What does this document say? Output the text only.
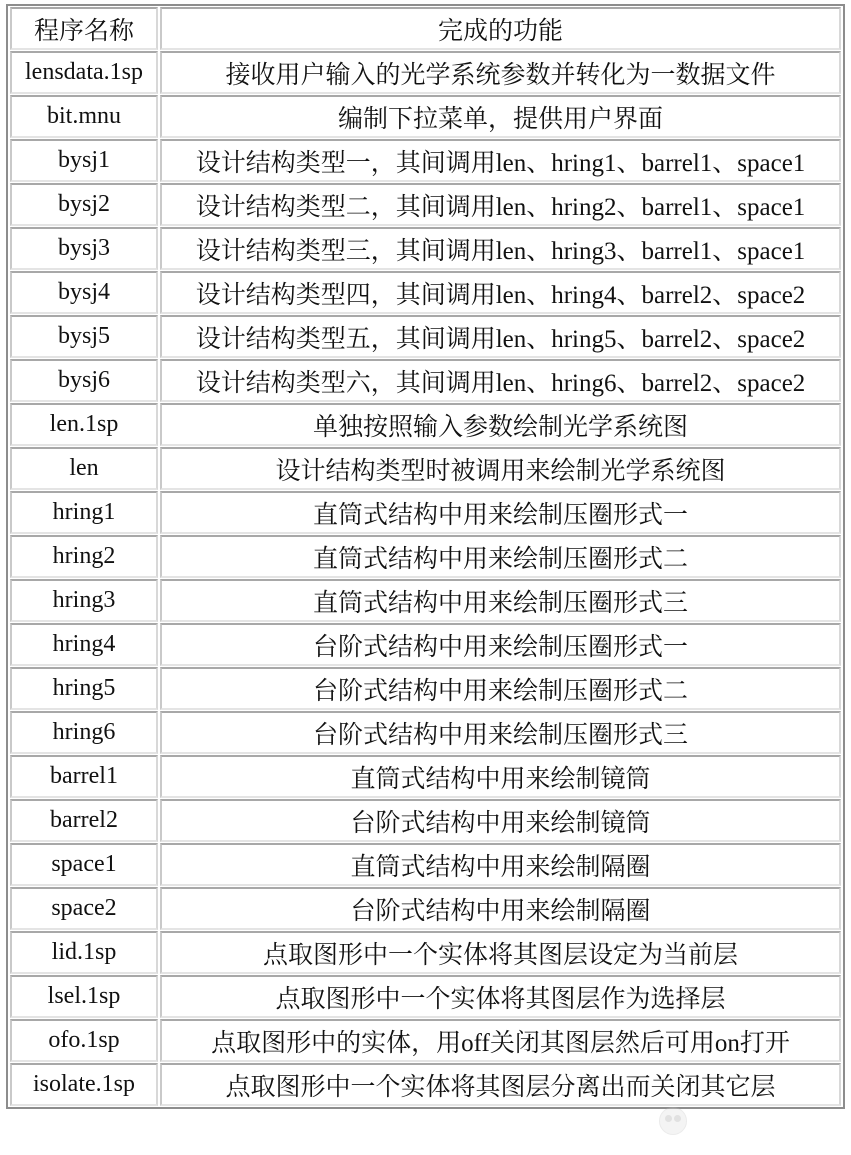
程序名称	完成的功能
lensdata.1sp	接收用户输入的光学系统参数并转化为一数据文件
bit.mnu	编制下拉菜单，提供用户界面
bysj1	设计结构类型一，其间调用len、hring1、barrel1、space1
bysj2	设计结构类型二，其间调用len、hring2、barrel1、space1
bysj3	设计结构类型三，其间调用len、hring3、barrel1、space1
bysj4	设计结构类型四，其间调用len、hring4、barrel2、space2
bysj5	设计结构类型五，其间调用len、hring5、barrel2、space2
bysj6	设计结构类型六，其间调用len、hring6、barrel2、space2
len.1sp	单独按照输入参数绘制光学系统图
len	设计结构类型时被调用来绘制光学系统图
hring1	直筒式结构中用来绘制压圈形式一
hring2	直筒式结构中用来绘制压圈形式二
hring3	直筒式结构中用来绘制压圈形式三
hring4	台阶式结构中用来绘制压圈形式一
hring5	台阶式结构中用来绘制压圈形式二
hring6	台阶式结构中用来绘制压圈形式三
barrel1	直筒式结构中用来绘制镜筒
barrel2	台阶式结构中用来绘制镜筒
space1	直筒式结构中用来绘制隔圈
space2	台阶式结构中用来绘制隔圈
lid.1sp	点取图形中一个实体将其图层设定为当前层
lsel.1sp	点取图形中一个实体将其图层作为选择层
ofo.1sp	点取图形中的实体，用off关闭其图层然后可用on打开
isolate.1sp	点取图形中一个实体将其图层分离出而关闭其它层
